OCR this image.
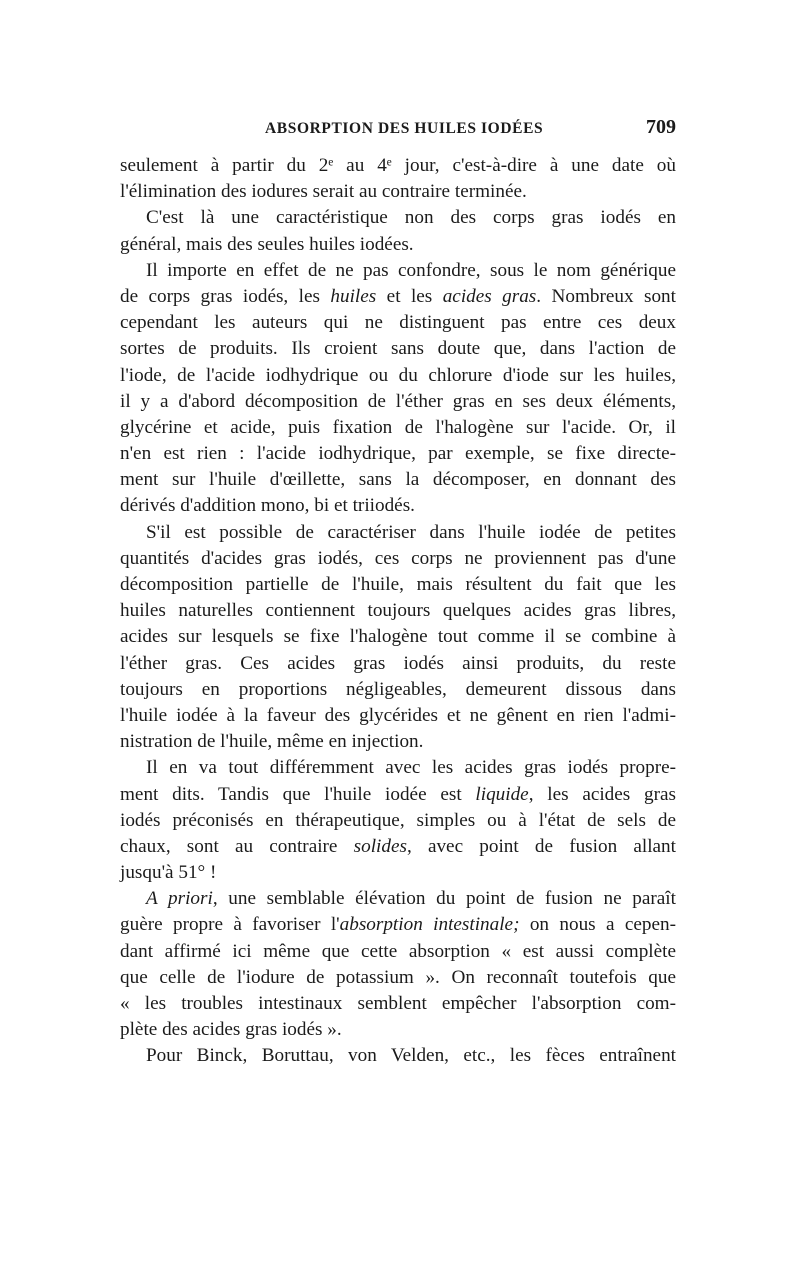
ABSORPTION DES HUILES IODÉES	709
seulement à partir du 2ᵉ au 4ᵉ jour, c'est-à-dire à une date où
l'élimination des iodures serait au contraire terminée.
C'est là une caractéristique non des corps gras iodés en
général, mais des seules huiles iodées.
Il importe en effet de ne pas confondre, sous le nom générique
de corps gras iodés, les huiles et les acides gras. Nombreux sont
cependant les auteurs qui ne distinguent pas entre ces deux
sortes de produits. Ils croient sans doute que, dans l'action de
l'iode, de l'acide iodhydrique ou du chlorure d'iode sur les huiles,
il y a d'abord décomposition de l'éther gras en ses deux éléments,
glycérine et acide, puis fixation de l'halogène sur l'acide. Or, il
n'en est rien : l'acide iodhydrique, par exemple, se fixe directe-
ment sur l'huile d'œillette, sans la décomposer, en donnant des
dérivés d'addition mono, bi et triiodés.
S'il est possible de caractériser dans l'huile iodée de petites
quantités d'acides gras iodés, ces corps ne proviennent pas d'une
décomposition partielle de l'huile, mais résultent du fait que les
huiles naturelles contiennent toujours quelques acides gras libres,
acides sur lesquels se fixe l'halogène tout comme il se combine à
l'éther gras. Ces acides gras iodés ainsi produits, du reste
toujours en proportions négligeables, demeurent dissous dans
l'huile iodée à la faveur des glycérides et ne gênent en rien l'admi-
nistration de l'huile, même en injection.
Il en va tout différemment avec les acides gras iodés propre-
ment dits. Tandis que l'huile iodée est liquide, les acides gras
iodés préconisés en thérapeutique, simples ou à l'état de sels de
chaux, sont au contraire solides, avec point de fusion allant
jusqu'à 51° !
A priori, une semblable élévation du point de fusion ne paraît
guère propre à favoriser l'absorption intestinale; on nous a cepen-
dant affirmé ici même que cette absorption « est aussi complète
que celle de l'iodure de potassium ». On reconnaît toutefois que
« les troubles intestinaux semblent empêcher l'absorption com-
plète des acides gras iodés ».
Pour Binck, Boruttau, von Velden, etc., les fèces entraînent
